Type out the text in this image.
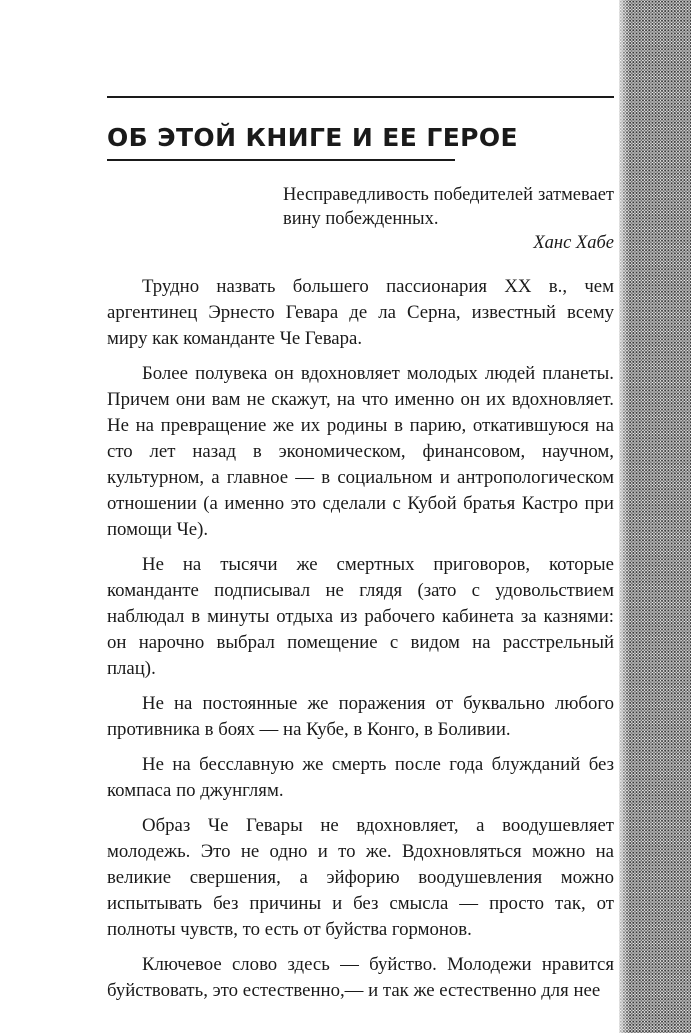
ОБ ЭТОЙ КНИГЕ И ЕЕ ГЕРОЕ

Несправедливость победителей затмевает вину побежденных.

Ханс Хабе

Трудно назвать большего пассионария XX в., чем аргентинец Эрнесто Гевара де ла Серна, известный всему миру как команданте Че Гевара.

Более полувека он вдохновляет молодых людей планеты. Причем они вам не скажут, на что именно он их вдохновляет. Не на превращение же их родины в парию, откатившуюся на сто лет назад в экономическом, финансовом, научном, культурном, а главное — в социальном и антропологическом отношении (а именно это сделали с Кубой братья Кастро при помощи Че).

Не на тысячи же смертных приговоров, которые команданте подписывал не глядя (зато с удовольствием наблюдал в минуты отдыха из рабочего кабинета за казнями: он нарочно выбрал помещение с видом на расстрельный плац).

Не на постоянные же поражения от буквально любого противника в боях — на Кубе, в Конго, в Боливии.

Не на бесславную же смерть после года блужданий без компаса по джунглям.

Образ Че Гевары не вдохновляет, а воодушевляет молодежь. Это не одно и то же. Вдохновляться можно на великие свершения, а эйфорию воодушевления можно испытывать без причины и без смысла — просто так, от полноты чувств, то есть от буйства гормонов.

Ключевое слово здесь — буйство. Молодежи нравится буйствовать, это естественно,— и так же естественно для нее
